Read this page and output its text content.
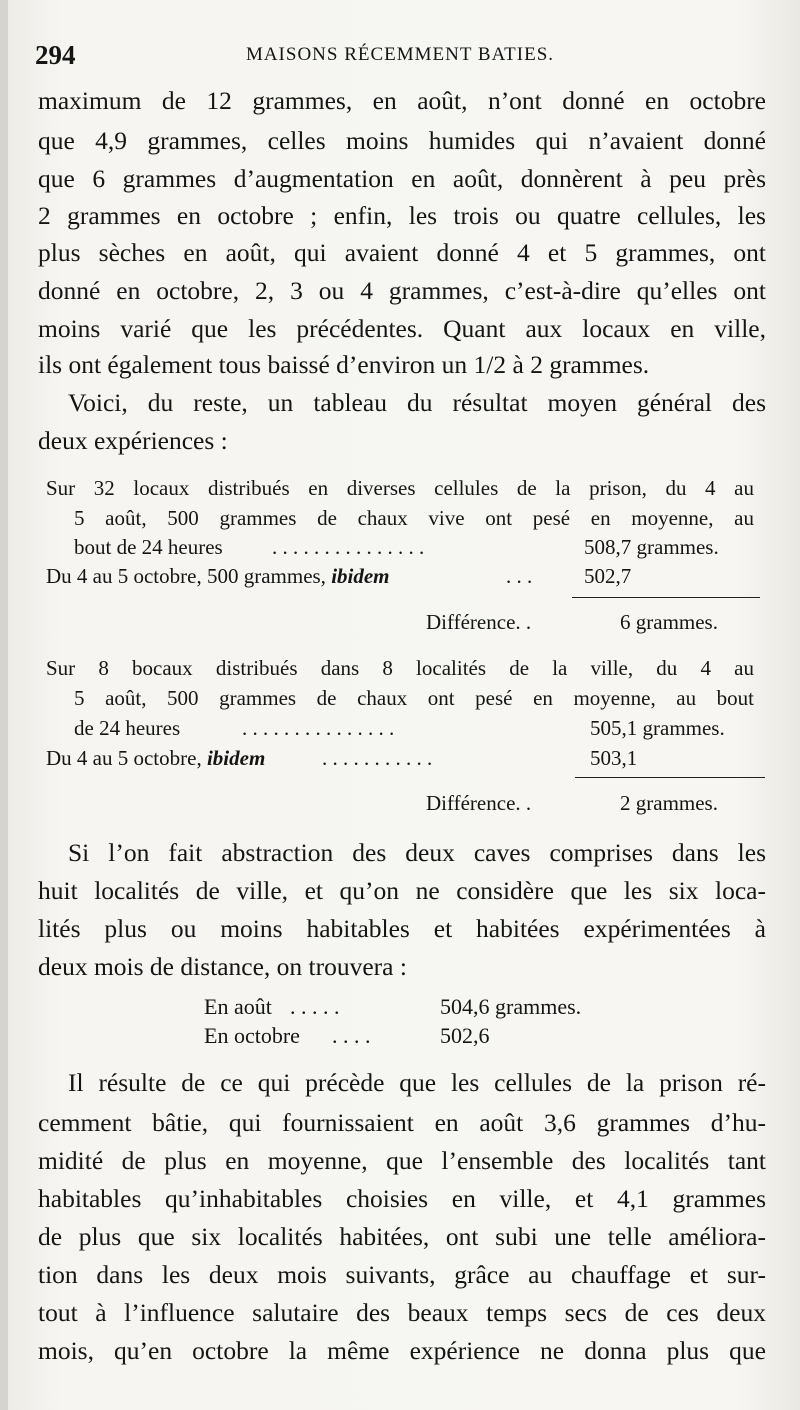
294	MAISONS RÉCEMMENT BATIES.
maximum de 12 grammes, en août, n’ont donné en octobre
que 4,9 grammes, celles moins humides qui n’avaient donné
que 6 grammes d’augmentation en août, donnèrent à peu près
2 grammes en octobre ; enfin, les trois ou quatre cellules, les
plus sèches en août, qui avaient donné 4 et 5 grammes, ont
donné en octobre, 2, 3 ou 4 grammes, c’est-à-dire qu’elles ont
moins varié que les précédentes. Quant aux locaux en ville,
ils ont également tous baissé d’environ un 1/2 à 2 grammes.
Voici, du reste, un tableau du résultat moyen général des
deux expériences :
Sur 32 locaux distribués en diverses cellules de la prison, du 4 au
5 août, 500 grammes de chaux vive ont pesé en moyenne, au
bout de 24 heures . . . . . . . . . . . . . . .	508,7 grammes.
Du 4 au 5 octobre, 500 grammes, ibidem	. . . 502,7
Différence. .	6 grammes.
Sur 8 bocaux distribués dans 8 localités de la ville, du 4 au
5 août, 500 grammes de chaux ont pesé en moyenne, au bout
de 24 heures	. . . . . . . . . . . . . . .	505,1 grammes.
Du 4 au 5 octobre, ibidem	. . . . . . . . . . .	503,1
Différence. .	2 grammes.
Si l’on fait abstraction des deux caves comprises dans les
huit localités de ville, et qu’on ne considère que les six loca-
lités plus ou moins habitables et habitées expérimentées à
deux mois de distance, on trouvera :
En août . . . . .	504,6 grammes.
En octobre . . . .	502,6
Il résulte de ce qui précède que les cellules de la prison ré-
cemment bâtie, qui fournissaient en août 3,6 grammes d’hu-
midité de plus en moyenne, que l’ensemble des localités tant
habitables qu’inhabitables choisies en ville, et 4,1 grammes
de plus que six localités habitées, ont subi une telle améliora-
tion dans les deux mois suivants, grâce au chauffage et sur-
tout à l’influence salutaire des beaux temps secs de ces deux
mois, qu’en octobre la même expérience ne donna plus que
